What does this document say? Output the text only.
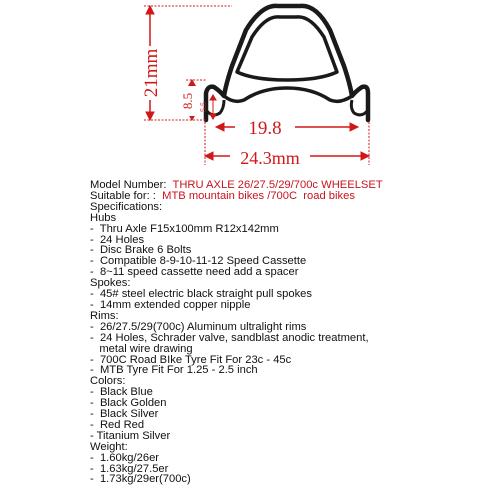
21mm
8.5 5.5
19.8
24.3mm
Model Number: THRU AXLE 26/27.5/29/700c WHEELSET
Suitable for: : MTB mountain bikes /700C  road bikes
Specifications:
Hubs
-  Thru Axle F15x100mm R12x142mm
-  24 Holes
-  Disc Brake 6 Bolts
-  Compatible 8-9-10-11-12 Speed Cassette
-  8~11 speed cassette need add a spacer
Spokes:
-  45# steel electric black straight pull spokes
-  14mm extended copper nipple
Rims:
-  26/27.5/29(700c) Aluminum ultralight rims
-  24 Holes, Schrader valve, sandblast anodic treatment,
metal wire drawing
-  700C Road BIke Tyre Fit For 23c - 45c
-  MTB Tyre Fit For 1.25 - 2.5 inch
Colors:
-  Black Blue
-  Black Golden
-  Black Silver
-  Red Red
- Titanium Silver
Weight:
-  1.60kg/26er
-  1.63kg/27.5er
-  1.73kg/29er(700c)
